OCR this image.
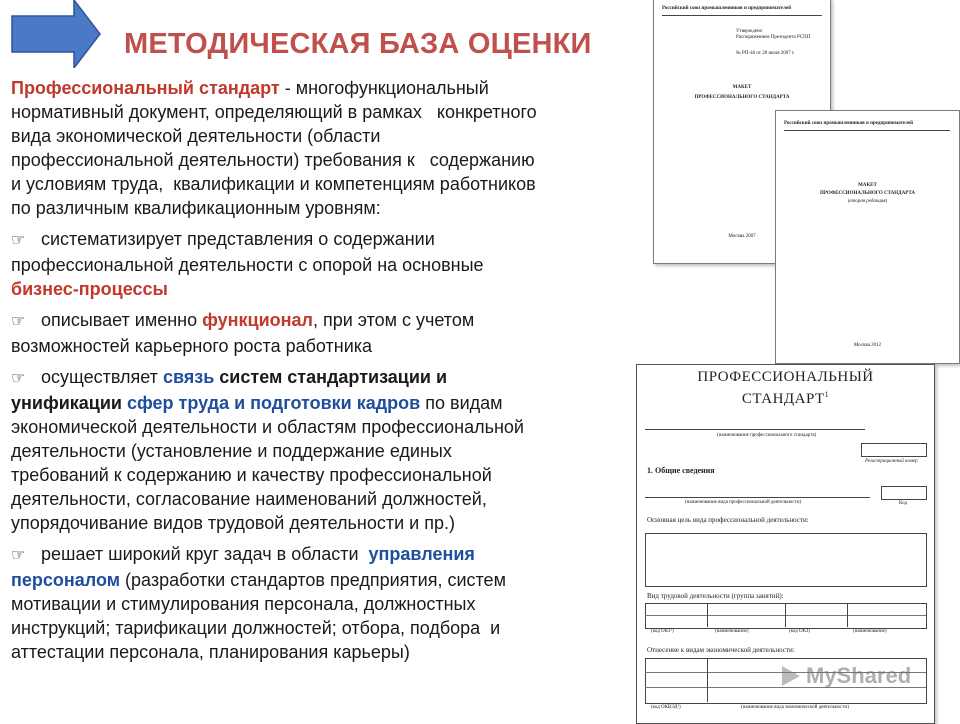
МЕТОДИЧЕСКАЯ БАЗА ОЦЕНКИ

Профессиональный стандарт - многофункциональный
нормативный документ, определяющий в рамках   конкретного
вида экономической деятельности (области
профессиональной деятельности) требования к   содержанию
и условиям труда,  квалификации и компетенциям работников
по различным квалификационным уровням:

☞ систематизирует представления о содержании
профессиональной деятельности с опорой на основные
бизнес-процессы

☞ описывает именно функционал, при этом с учетом
возможностей карьерного роста работника

☞ осуществляет связь систем стандартизации и
унификации сфер труда и подготовки кадров по видам
экономической деятельности и областям профессиональной
деятельности (установление и поддержание единых
требований к содержанию и качеству профессиональной
деятельности, согласование наименований должностей,
упорядочивание видов трудовой деятельности и пр.)

☞ решает широкий круг задач в области  управления
персоналом (разработки стандартов предприятия, систем
мотивации и стимулирования персонала, должностных
инструкций; тарификации должностей; отбора, подбора  и
аттестации персонала, планирования карьеры)

Российский союз промышленников и предпринимателей
Утверждено
Распоряжением Президента РСПП
№ РП-46 от 20 июля 2007 г.
МАКЕТ
ПРОФЕССИОНАЛЬНОГО СТАНДАРТА
Москва 2007
Российский союз промышленников и предпринимателей
МАКЕТ
ПРОФЕССИОНАЛЬНОГО СТАНДАРТА
(вторая редакция)
Москва 2012
ПРОФЕССИОНАЛЬНЫЙ
СТАНДАРТ$^1$
(наименование профессионального стандарта)
Регистрационный номер
1. Общие сведения
(наименование вида профессиональной деятельности)	Код
Основная цель вида профессиональной деятельности:
Вид трудовой деятельности (группа занятий):
(код ОКЗ¹)	(наименование)	(код ОКЗ)	(наименование)
Отнесение к видам экономической деятельности:
(код ОКВЭД¹)	(наименование вида экономической деятельности)
MyShared
